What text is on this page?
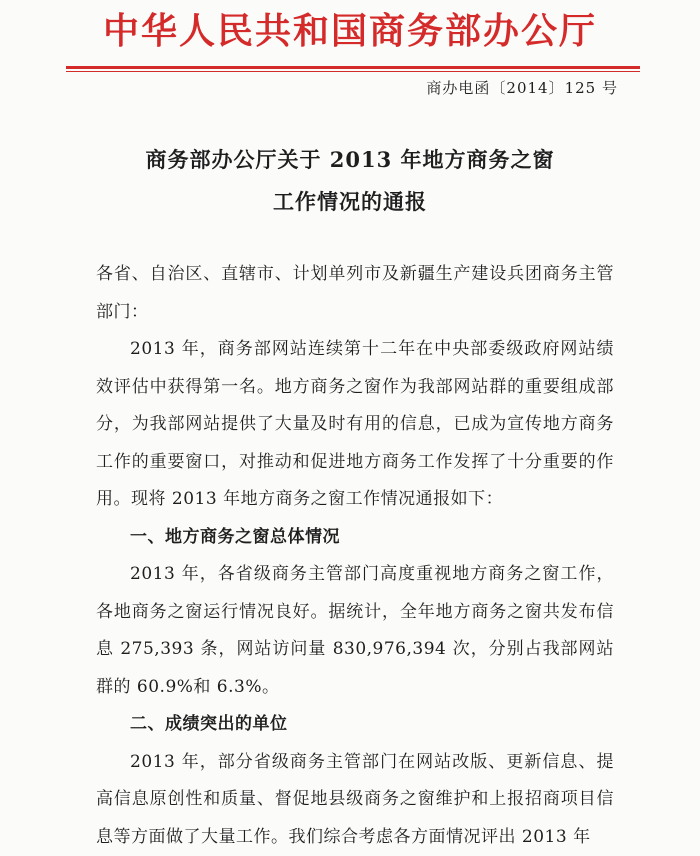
中华人民共和国商务部办公厅
商办电函〔2014〕125 号
商务部办公厅关于 2013 年地方商务之窗
工作情况的通报

各省、自治区、直辖市、计划单列市及新疆生产建设兵团商务主管部门：

2013 年，商务部网站连续第十二年在中央部委级政府网站绩效评估中获得第一名。地方商务之窗作为我部网站群的重要组成部分，为我部网站提供了大量及时有用的信息，已成为宣传地方商务工作的重要窗口，对推动和促进地方商务工作发挥了十分重要的作用。现将 2013 年地方商务之窗工作情况通报如下：

一、地方商务之窗总体情况

2013 年，各省级商务主管部门高度重视地方商务之窗工作，各地商务之窗运行情况良好。据统计，全年地方商务之窗共发布信息 275,393 条，网站访问量 830,976,394 次，分别占我部网站群的 60.9%和 6.3%。

二、成绩突出的单位

2013 年，部分省级商务主管部门在网站改版、更新信息、提高信息原创性和质量、督促地县级商务之窗维护和上报招商项目信息等方面做了大量工作。我们综合考虑各方面情况评出 2013 年
